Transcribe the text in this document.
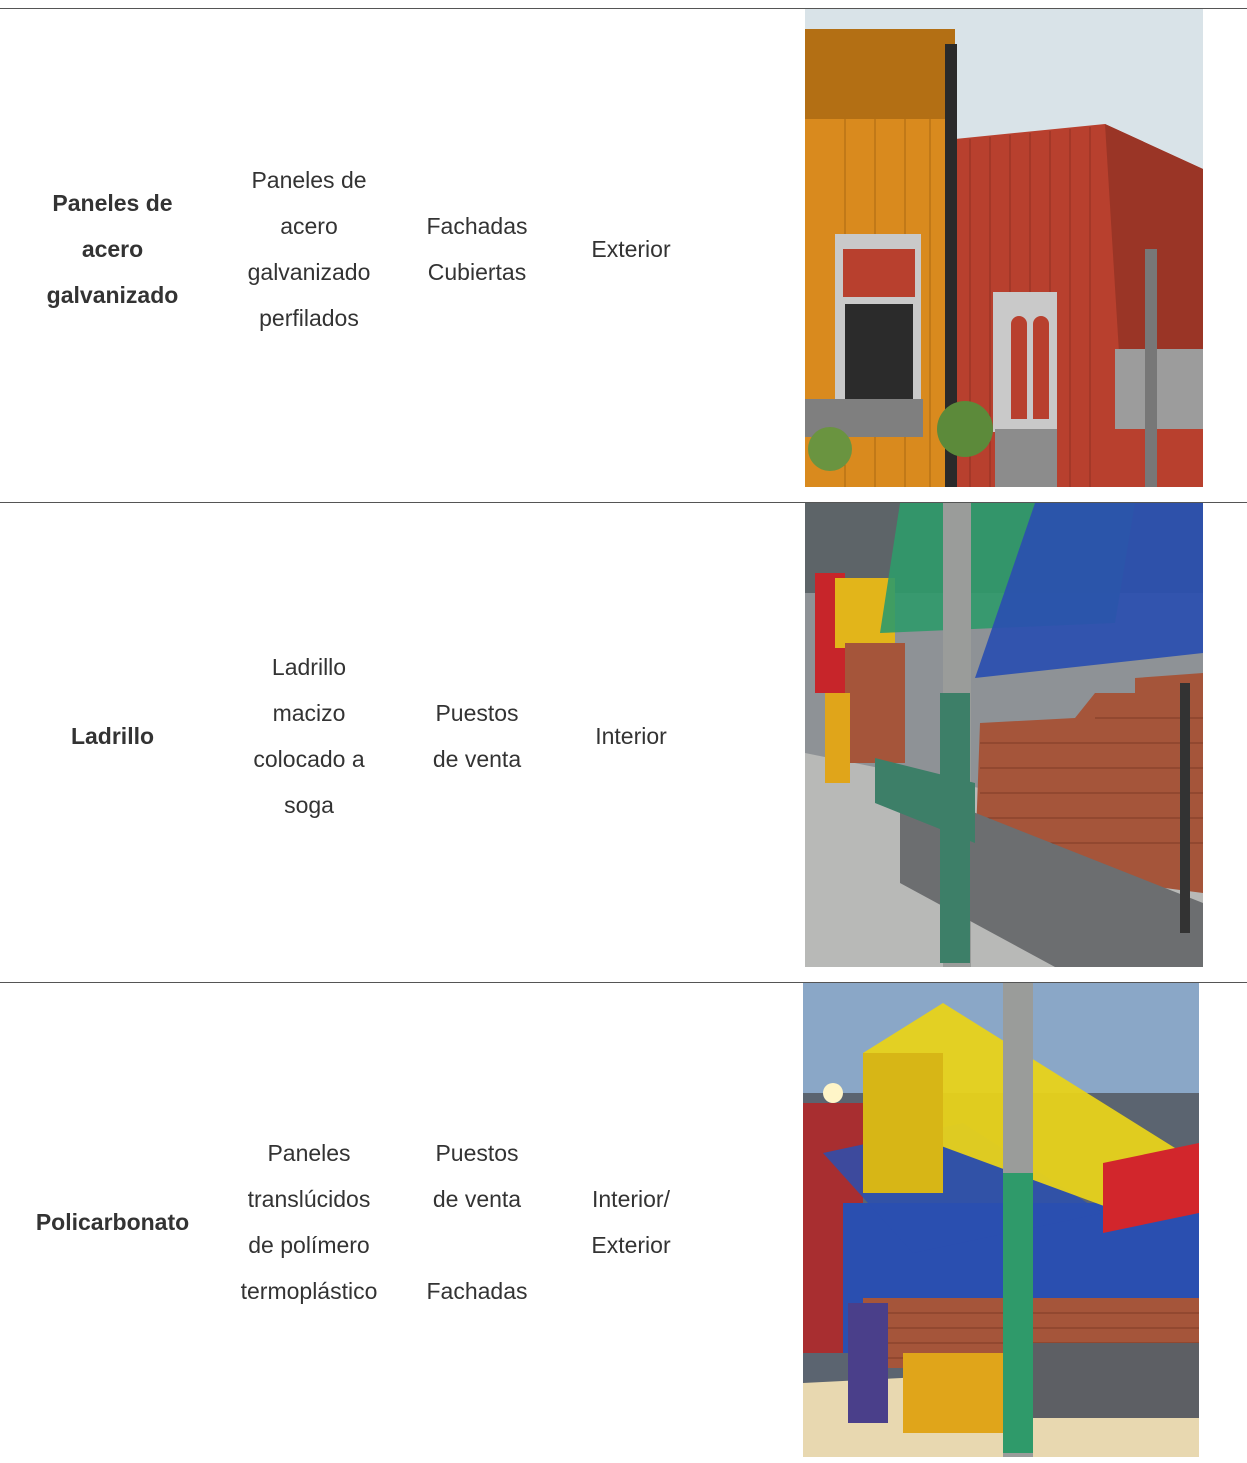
Paneles de
acero
galvanizado
Paneles de
acero
galvanizado
perfilados
Fachadas
Cubiertas
Exterior
Ladrillo
Ladrillo
macizo
colocado a
soga
Puestos
de venta
Interior
Policarbonato
Paneles
translúcidos
de polímero
termoplástico
Puestos
de venta

Fachadas
Interior/
Exterior
